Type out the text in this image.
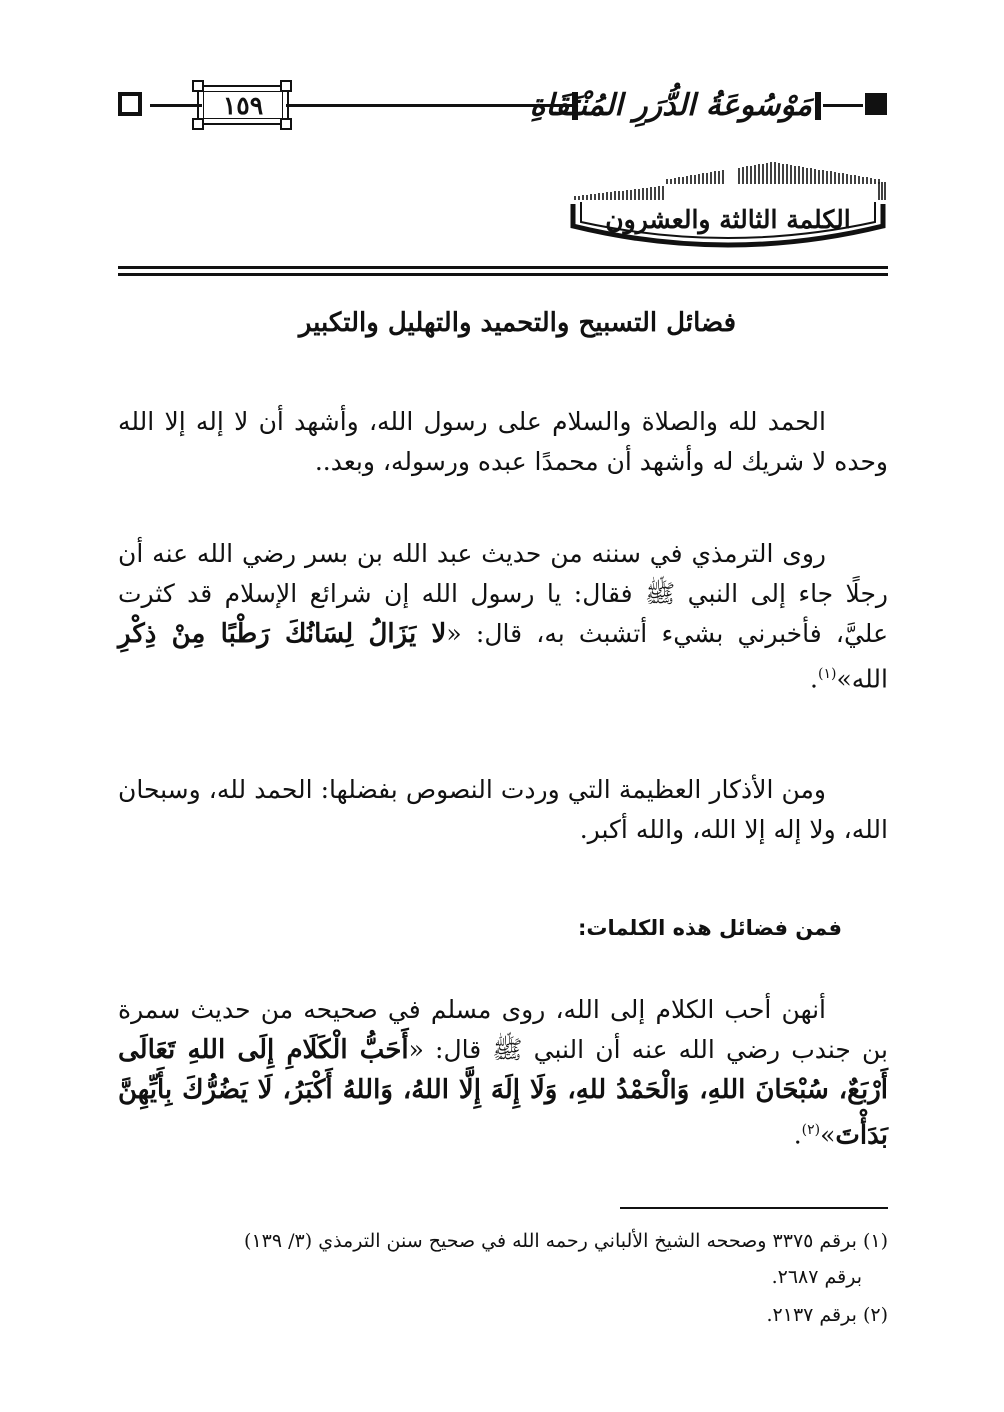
١٥٩	مَوْسُوعَةُ الدُّرَرِ المُنْتَقَاةِ
الكلمة الثالثة والعشرون
فضائل التسبيح والتحميد والتهليل والتكبير

الحمد لله والصلاة والسلام على رسول الله، وأشهد أن لا إله إلا الله وحده لا شريك له وأشهد أن محمدًا عبده ورسوله، وبعد..

روى الترمذي في سننه من حديث عبد الله بن بسر رضي الله عنه أن رجلًا جاء إلى النبي ﷺ فقال: يا رسول الله إن شرائع الإسلام قد كثرت عليَّ، فأخبرني بشيء أتشبث به، قال: «لا يَزَالُ لِسَانُكَ رَطْبًا مِنْ ذِكْرِ الله»$^{(١)}$.

ومن الأذكار العظيمة التي وردت النصوص بفضلها: الحمد لله، وسبحان الله، ولا إله إلا الله، والله أكبر.

فمن فضائل هذه الكلمات:

أنهن أحب الكلام إلى الله، روى مسلم في صحيحه من حديث سمرة بن جندب رضي الله عنه أن النبي ﷺ قال: «أَحَبُّ الْكَلَامِ إِلَى اللهِ تَعَالَى أَرْبَعٌ، سُبْحَانَ اللهِ، وَالْحَمْدُ للهِ، وَلَا إِلَهَ إِلَّا اللهُ، وَاللهُ أَكْبَرُ، لَا يَضُرُّكَ بِأَيِّهِنَّ بَدَأْتَ»$^{(٢)}$.

(١) برقم ٣٣٧٥ وصححه الشيخ الألباني رحمه الله في صحيح سنن الترمذي (٣/ ١٣٩)
برقم ٢٦٨٧.
(٢) برقم ٢١٣٧.
